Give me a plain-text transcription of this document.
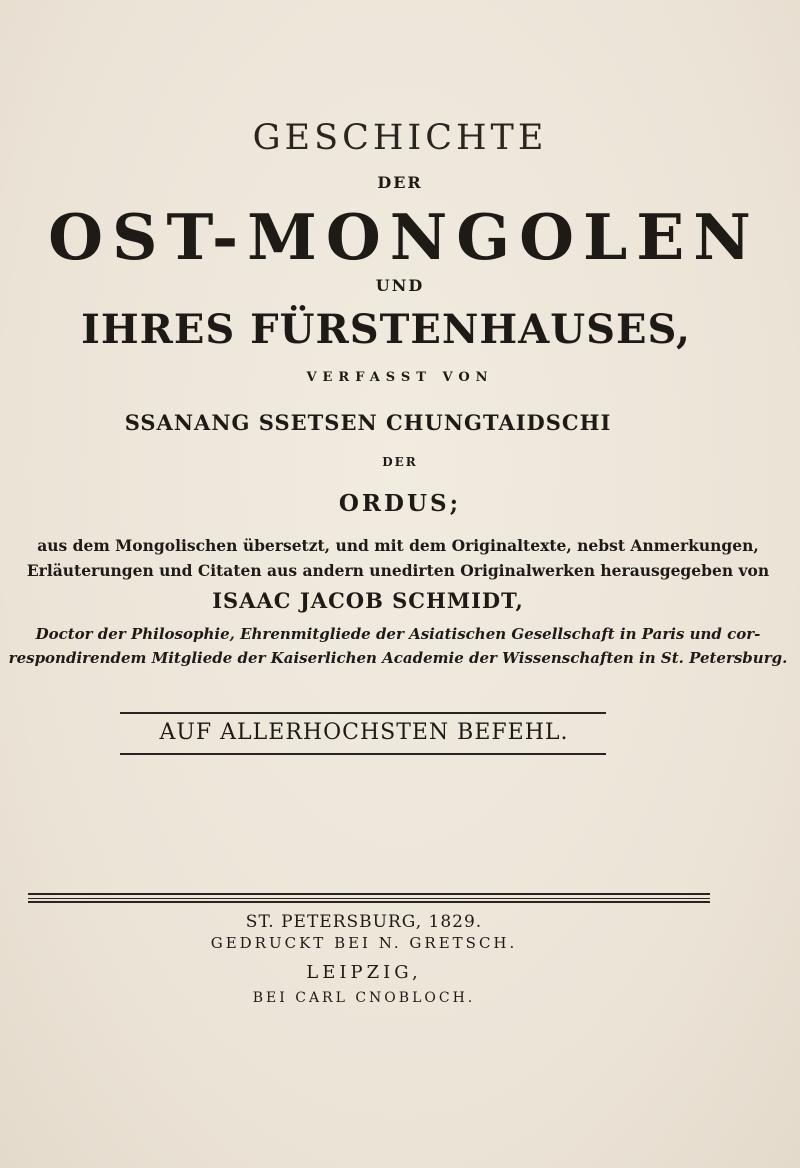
GESCHICHTE
DER
OST-MONGOLEN
UND
IHRES FÜRSTENHAUSES,
VERFASST VON
SSANANG SSETSEN CHUNGTAIDSCHI
DER
ORDUS;
aus dem Mongolischen übersetzt, und mit dem Originaltexte, nebst Anmerkungen,
Erläuterungen und Citaten aus andern unedirten Originalwerken herausgegeben von
ISAAC JACOB SCHMIDT,
Doctor der Philosophie, Ehrenmitgliede der Asiatischen Gesellschaft in Paris und cor-
respondirendem Mitgliede der Kaiserlichen Academie der Wissenschaften in St. Petersburg.
AUF ALLERHOCHSTEN BEFEHL.
ST. PETERSBURG, 1829.
GEDRUCKT BEI N. GRETSCH.
LEIPZIG,
BEI CARL CNOBLOCH.
